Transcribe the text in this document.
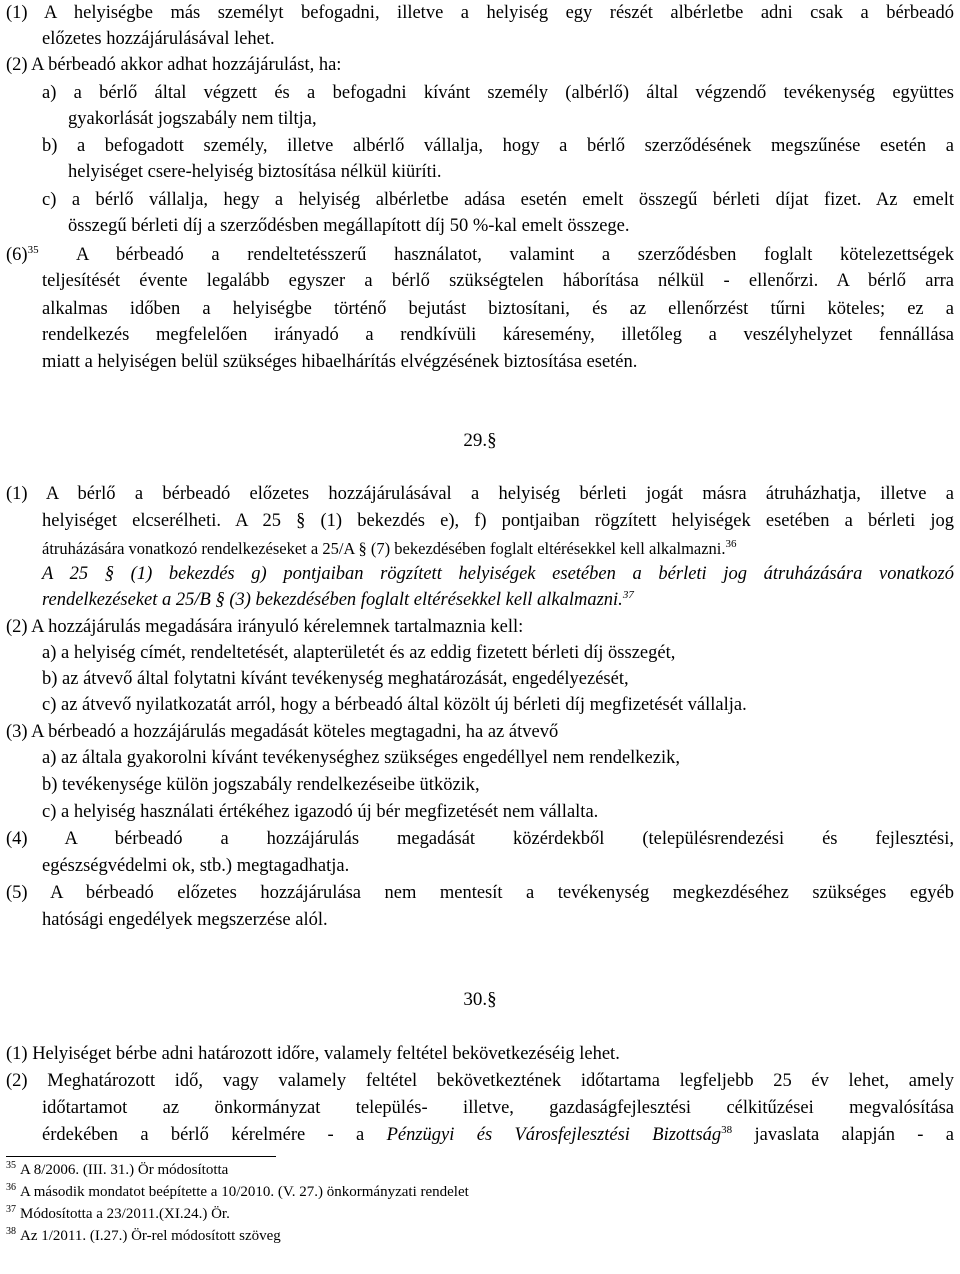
(1) A helyiségbe más személyt befogadni, illetve a helyiség egy részét albérletbe adni csak a bérbeadó

előzetes hozzájárulásával lehet.

(2) A bérbeadó akkor adhat hozzájárulást, ha:

a) a bérlő által végzett és a befogadni kívánt személy (albérlő) által végzendő tevékenység együttes

gyakorlását jogszabály nem tiltja,

b) a befogadott személy, illetve albérlő vállalja, hogy a bérlő szerződésének megszűnése esetén a

helyiséget csere-helyiség biztosítása nélkül kiüríti.

c) a bérlő vállalja, hegy a helyiség albérletbe adása esetén emelt összegű bérleti díjat fizet. Az emelt

összegű bérleti díj a szerződésben megállapított díj 50 %-kal emelt összege.

$(6)^{35}$ A bérbeadó a rendeltetésszerű használatot, valamint a szerződésben foglalt kötelezettségek

teljesítését évente legalább egyszer a bérlő szükségtelen háborítása nélkül - ellenőrzi. A bérlő arra

alkalmas időben a helyiségbe történő bejutást biztosítani, és az ellenőrzést tűrni köteles; ez a

rendelkezés megfelelően irányadó a rendkívüli káresemény, illetőleg a veszélyhelyzet fennállása

miatt a helyiségen belül szükséges hibaelhárítás elvégzésének biztosítása esetén.

29.§

(1) A bérlő a bérbeadó előzetes hozzájárulásával a helyiség bérleti jogát másra átruházhatja, illetve a

helyiséget elcserélheti. A 25 § (1) bekezdés e), f) pontjaiban rögzített helyiségek esetében a bérleti jog

átruházására vonatkozó rendelkezéseket a 25/A § (7) bekezdésében foglalt eltérésekkel kell alkalmazni.$^{36}$

A 25 § (1) bekezdés g) pontjaiban rögzített helyiségek esetében a bérleti jog átruházására vonatkozó

rendelkezéseket a 25/B § (3) bekezdésében foglalt eltérésekkel kell alkalmazni.$^{37}$

(2) A hozzájárulás megadására irányuló kérelemnek tartalmaznia kell:

a) a helyiség címét, rendeltetését, alapterületét és az eddig fizetett bérleti díj összegét,

b) az átvevő által folytatni kívánt tevékenység meghatározását, engedélyezését,

c) az átvevő nyilatkozatát arról, hogy a bérbeadó által közölt új bérleti díj megfizetését vállalja.

(3) A bérbeadó a hozzájárulás megadását köteles megtagadni, ha az átvevő

a) az általa gyakorolni kívánt tevékenységhez szükséges engedéllyel nem rendelkezik,

b) tevékenysége külön jogszabály rendelkezéseibe ütközik,

c) a helyiség használati értékéhez igazodó új bér megfizetését nem vállalta.

(4) A bérbeadó a hozzájárulás megadását közérdekből (településrendezési és fejlesztési,

egészségvédelmi ok, stb.) megtagadhatja.

(5) A bérbeadó előzetes hozzájárulása nem mentesít a tevékenység megkezdéséhez szükséges egyéb

hatósági engedélyek megszerzése alól.

30.§

(1) Helyiséget bérbe adni határozott időre, valamely feltétel bekövetkezéséig lehet.

(2) Meghatározott idő, vagy valamely feltétel bekövetkeztének időtartama legfeljebb 25 év lehet, amely

időtartamot az önkormányzat település- illetve, gazdaságfejlesztési célkitűzései megvalósítása

érdekében a bérlő kérelmére - a Pénzügyi és Városfejlesztési Bizottság$^{38}$ javaslata alapján - a

$^{35}$ A 8/2006. (III. 31.) Ör módosította
$^{36}$ A második mondatot beépítette a 10/2010. (V. 27.) önkormányzati rendelet
$^{37}$ Módosította a 23/2011.(XI.24.) Ör.
$^{38}$ Az 1/2011. (I.27.) Ör-rel módosított szöveg
